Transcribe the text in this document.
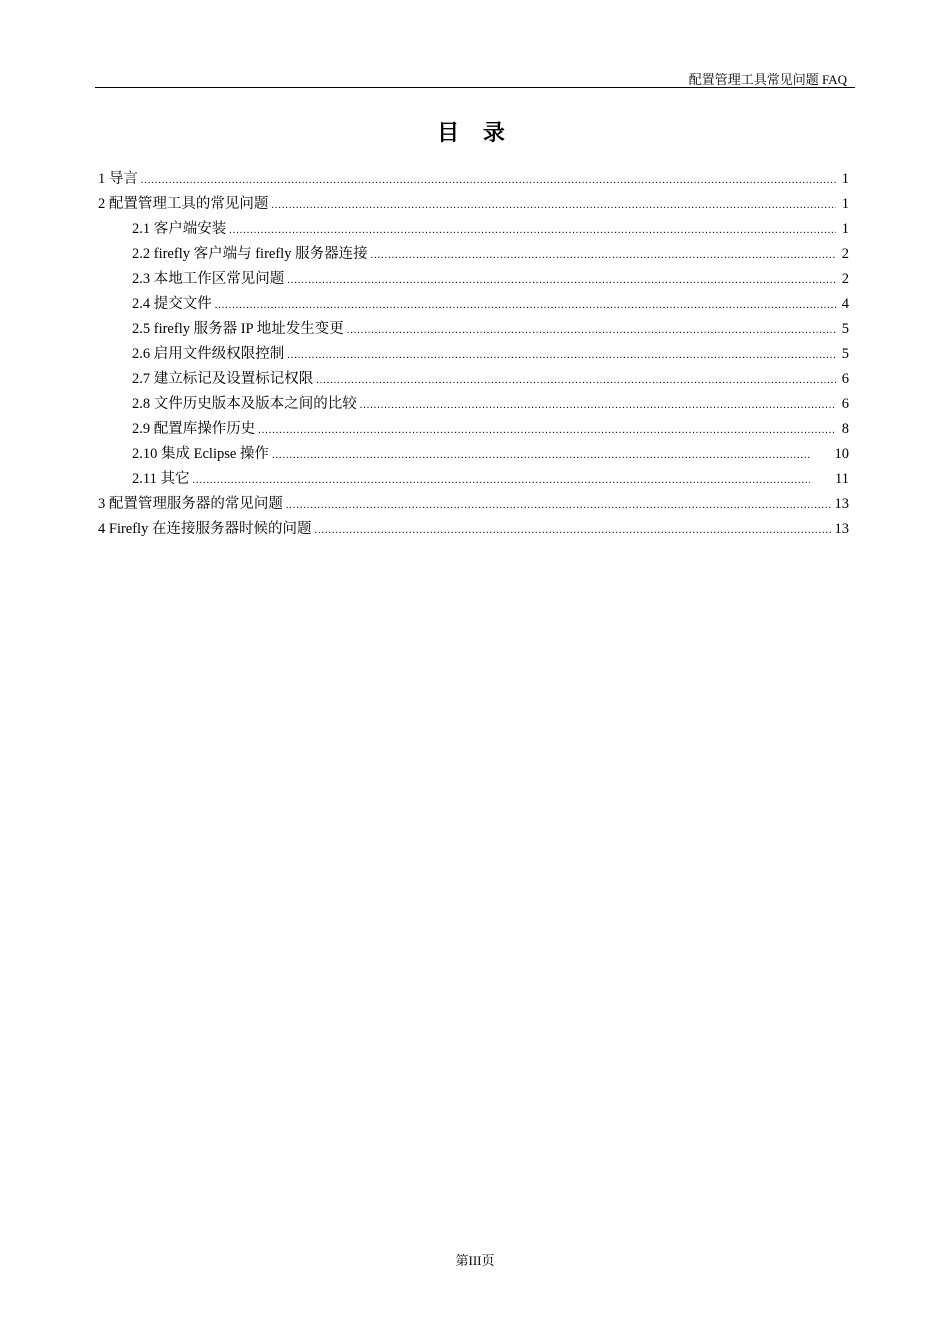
配置管理工具常见问题 FAQ
目 录
1 导言 .....	1
2 配置管理工具的常见问题 .....	1
2.1 客户端安装 .....	1
2.2 firefly 客户端与 firefly 服务器连接 .....	2
2.3 本地工作区常见问题 .....	2
2.4 提交文件 .....	4
2.5 firefly 服务器 IP 地址发生变更 .....	5
2.6 启用文件级权限控制 .....	5
2.7 建立标记及设置标记权限 .....	6
2.8 文件历史版本及版本之间的比较 .....	6
2.9 配置库操作历史 .....	8
2.10 集成 Eclipse 操作 .....	10
2.11 其它 .....	11
3 配置管理服务器的常见问题 .....	13
4 Firefly 在连接服务器时候的问题 .....	13
第III页
